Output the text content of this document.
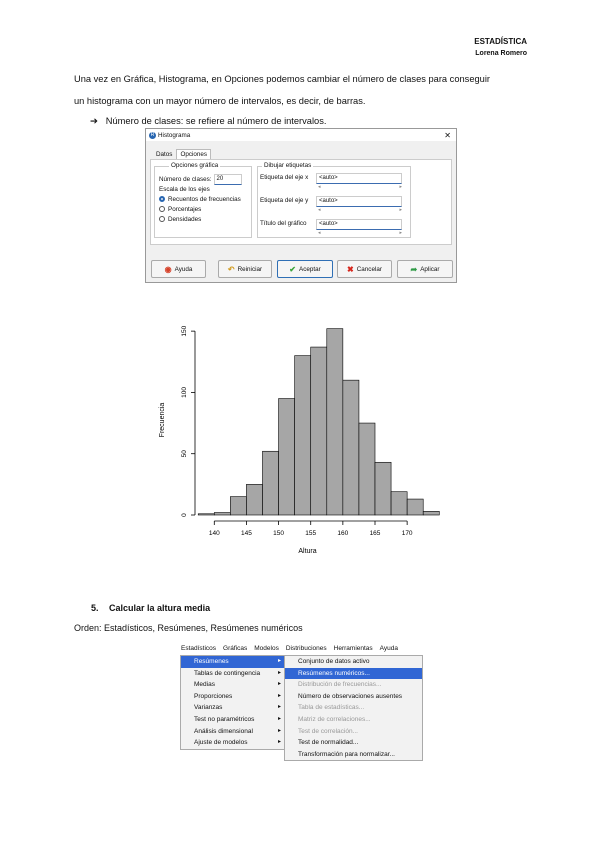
ESTADÍSTICA
Lorena Romero
Una vez en Gráfica, Histograma, en Opciones podemos cambiar el número de clases para conseguir
un histograma con un mayor número de intervalos, es decir, de barras.
➔ Número de clases: se refiere al número de intervalos.
R Histograma	✕
Datos	Opciones
Opciones gráfica
Número de clases: 20
Escala de los ejes
Recuentos de frecuencias
Porcentajes
Densidades
Dibujar etiquetas
Etiqueta del eje x	<auto>
◂	▸
Etiqueta del eje y	<auto>
◂	▸
Título del gráfico	<auto>
◂	▸
◉ Ayuda	↶ Reiniciar	✔ Aceptar	✖ Cancelar	➦ Aplicar
0
50
100
150
140	145	150	155	160	165	170
Altura
Frecuencia
5. Calcular la altura media
Orden: Estadísticos, Resúmenes, Resúmenes numéricos
Estadísticos Gráficas Modelos Distribuciones Herramientas Ayuda
Resúmenes	▸
Tablas de contingencia	▸
Medias	▸
Proporciones	▸
Varianzas	▸
Test no paramétricos	▸
Análisis dimensional	▸
Ajuste de modelos	▸
Conjunto de datos activo
Resúmenes numéricos...
Distribución de frecuencias...
Número de observaciones ausentes
Tabla de estadísticas...
Matriz de correlaciones...
Test de correlación...
Test de normalidad...
Transformación para normalizar...
